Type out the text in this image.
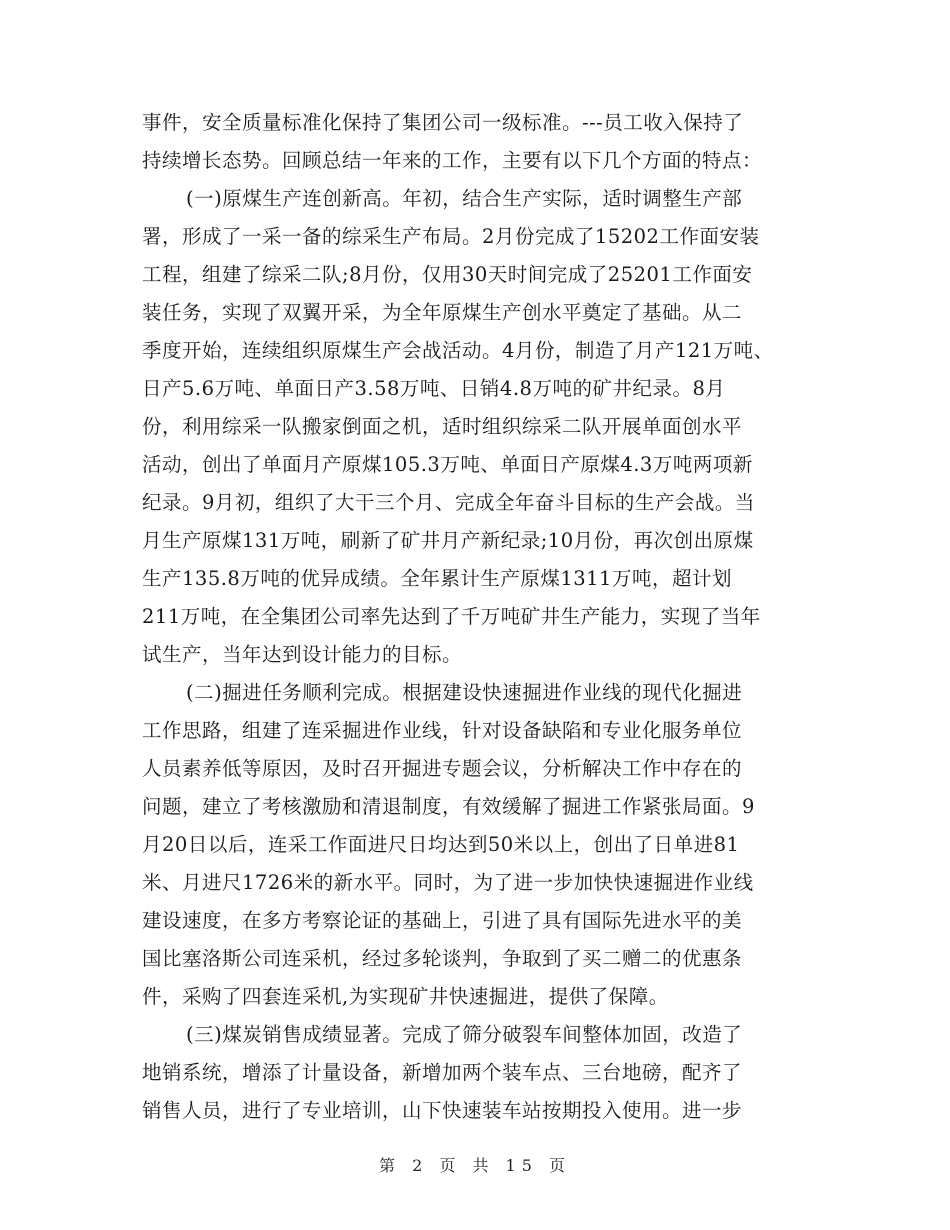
事件，安全质量标准化保持了集团公司一级标准。---员工收入保持了
持续增长态势。回顾总结一年来的工作，主要有以下几个方面的特点：
(一)原煤生产连创新高。年初，结合生产实际，适时调整生产部
署，形成了一采一备的综采生产布局。2月份完成了15202工作面安装
工程，组建了综采二队;8月份，仅用30天时间完成了25201工作面安
装任务，实现了双翼开采，为全年原煤生产创水平奠定了基础。从二
季度开始，连续组织原煤生产会战活动。4月份，制造了月产121万吨、
日产5.6万吨、单面日产3.58万吨、日销4.8万吨的矿井纪录。8月
份，利用综采一队搬家倒面之机，适时组织综采二队开展单面创水平
活动，创出了单面月产原煤105.3万吨、单面日产原煤4.3万吨两项新
纪录。9月初，组织了大干三个月、完成全年奋斗目标的生产会战。当
月生产原煤131万吨，刷新了矿井月产新纪录;10月份，再次创出原煤
生产135.8万吨的优异成绩。全年累计生产原煤1311万吨，超计划
211万吨，在全集团公司率先达到了千万吨矿井生产能力，实现了当年
试生产，当年达到设计能力的目标。
(二)掘进任务顺利完成。根据建设快速掘进作业线的现代化掘进
工作思路，组建了连采掘进作业线，针对设备缺陷和专业化服务单位
人员素养低等原因，及时召开掘进专题会议，分析解决工作中存在的
问题，建立了考核激励和清退制度，有效缓解了掘进工作紧张局面。9
月20日以后，连采工作面进尺日均达到50米以上，创出了日单进81
米、月进尺1726米的新水平。同时，为了进一步加快快速掘进作业线
建设速度，在多方考察论证的基础上，引进了具有国际先进水平的美
国比塞洛斯公司连采机，经过多轮谈判，争取到了买二赠二的优惠条
件，采购了四套连采机,为实现矿井快速掘进，提供了保障。
(三)煤炭销售成绩显著。完成了筛分破裂车间整体加固，改造了
地销系统，增添了计量设备，新增加两个装车点、三台地磅，配齐了
销售人员，进行了专业培训，山下快速装车站按期投入使用。进一步
第 2 页 共 15 页
